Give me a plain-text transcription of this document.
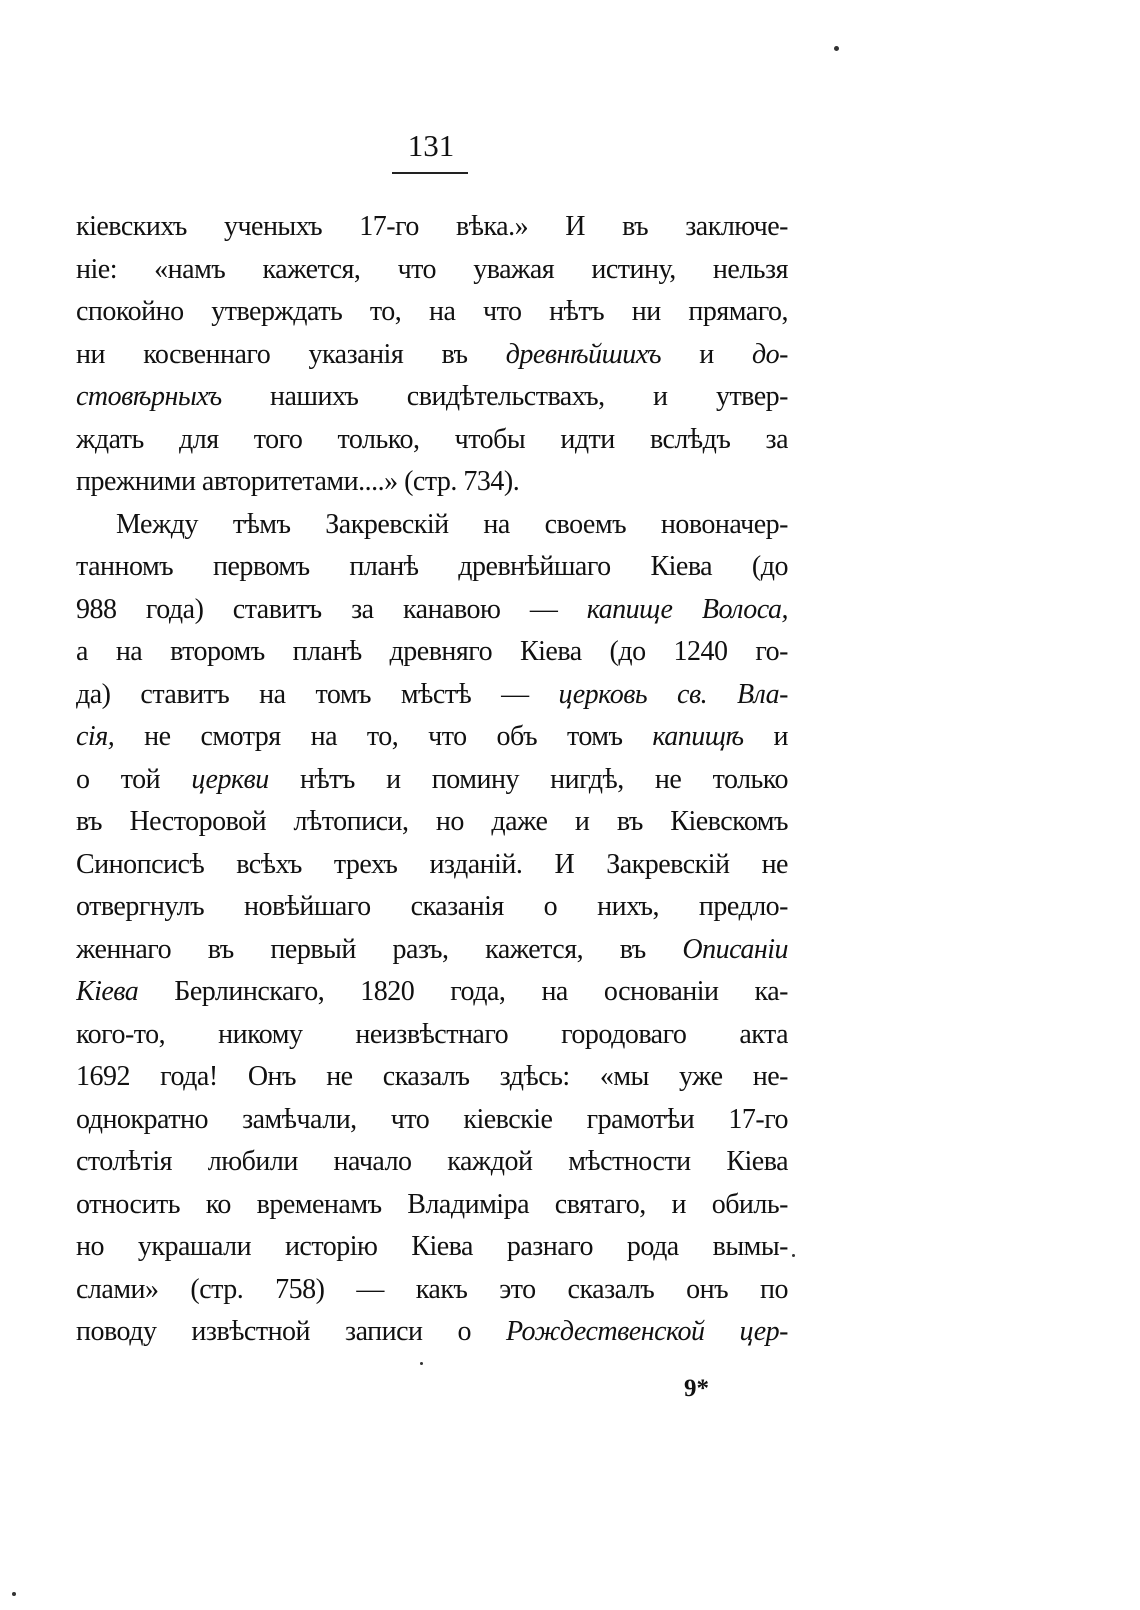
131
кіевскихъ ученыхъ 17-го вѣка.» И въ заключе-
ніе: «намъ кажется, что уважая истину, нельзя
спокойно утверждать то, на что нѣтъ ни прямаго,
ни косвеннаго указанія въ древнѣйшихъ и до-
стовѣрныхъ нашихъ свидѣтельствахъ, и утвер-
ждать для того только, чтобы идти вслѣдъ за
прежними авторитетами....» (стр. 734).
Между тѣмъ Закревскій на своемъ новоначер-
танномъ первомъ планѣ древнѣйшаго Кіева (до
988 года) ставитъ за канавою — капище Волоса,
а на второмъ планѣ древняго Кіева (до 1240 го-
да) ставитъ на томъ мѣстѣ — церковь св. Вла-
сія, не смотря на то, что объ томъ капищѣ и
о той церкви нѣтъ и помину нигдѣ, не только
въ Несторовой лѣтописи, но даже и въ Кіевскомъ
Синопсисѣ всѣхъ трехъ изданій. И Закревскій не
отвергнулъ новѣйшаго сказанія о нихъ, предло-
женнаго въ первый разъ, кажется, въ Описаніи
Кіева Берлинскаго, 1820 года, на основаніи ка-
кого-то, никому неизвѣстнаго городоваго акта
1692 года! Онъ не сказалъ здѣсь: «мы уже не-
однократно замѣчали, что кіевскіе грамотѣи 17-го
столѣтія любили начало каждой мѣстности Кіева
относить ко временамъ Владиміра святаго, и обиль-
но украшали исторію Кіева разнаго рода вымы-
слами» (стр. 758) — какъ это сказалъ онъ по
поводу извѣстной записи о Рождественской цер-
9*
